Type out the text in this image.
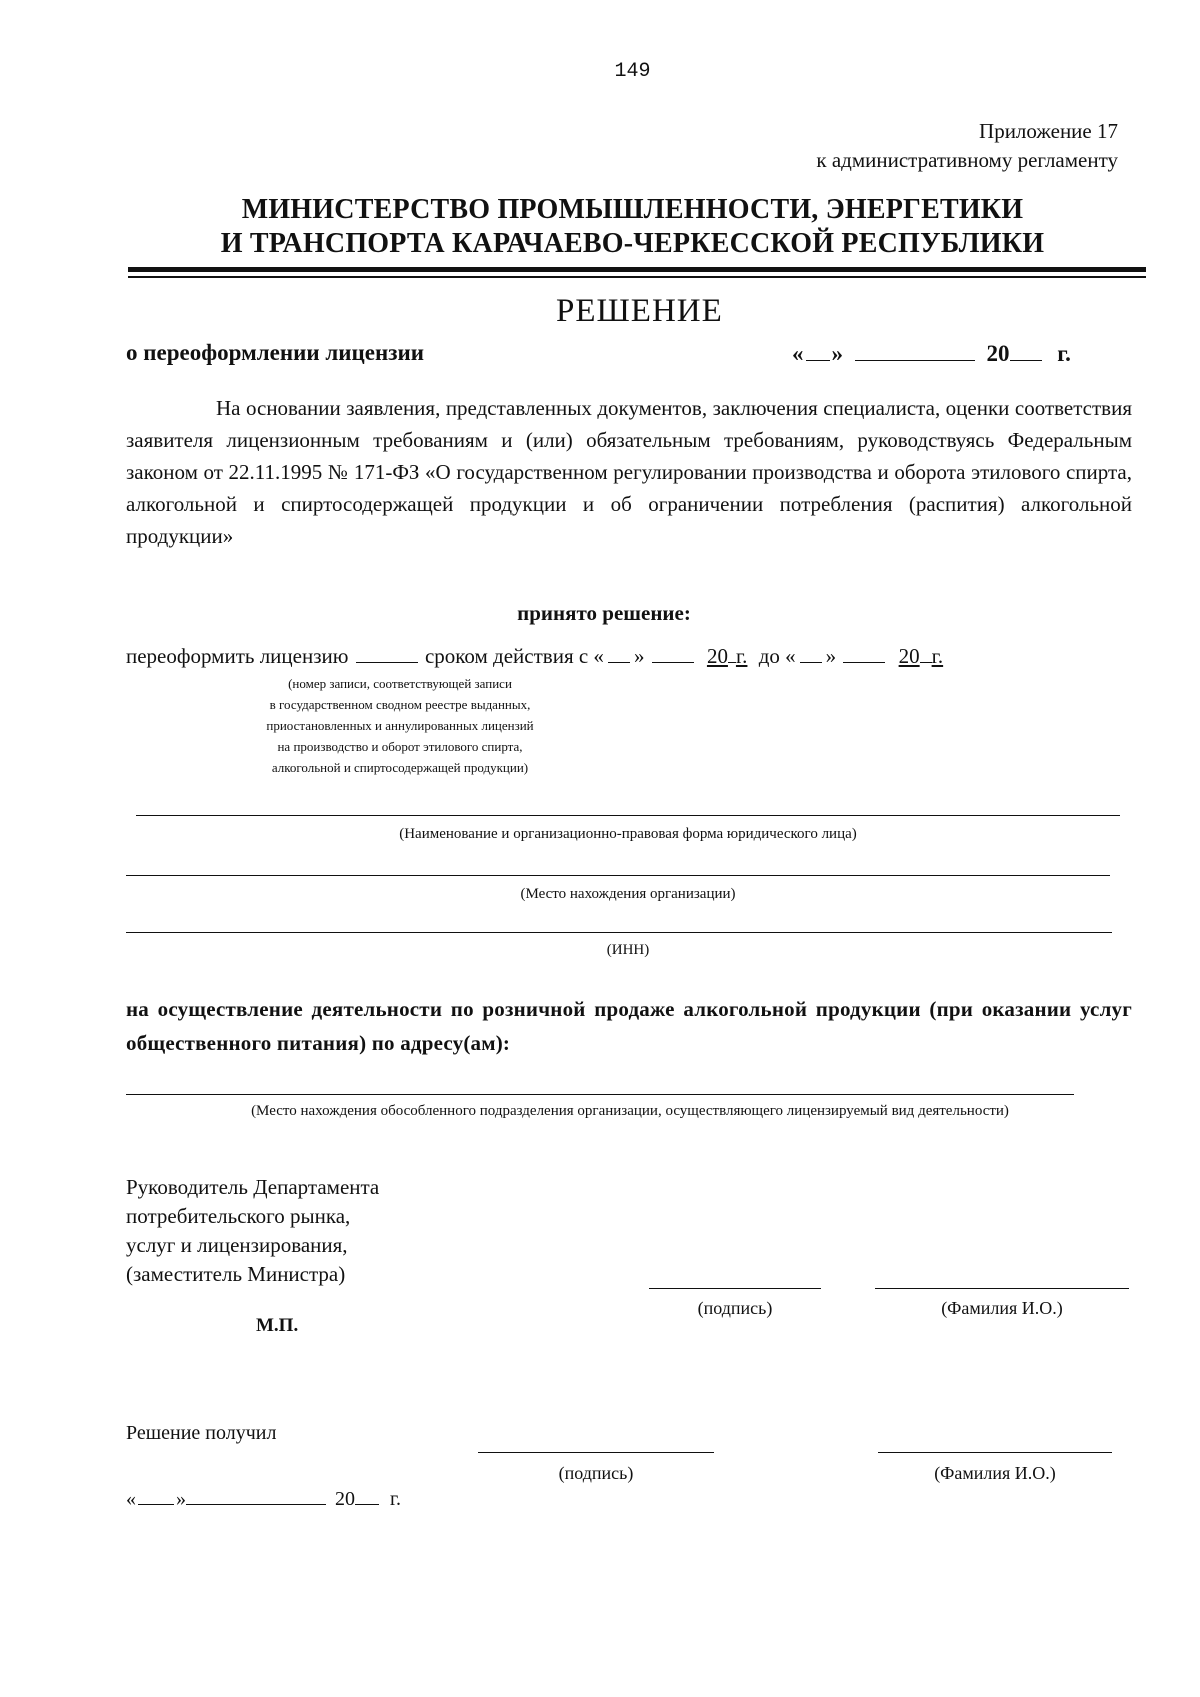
149
Приложение 17
к административному регламенту
МИНИСТЕРСТВО ПРОМЫШЛЕННОСТИ, ЭНЕРГЕТИКИ
И ТРАНСПОРТА КАРАЧАЕВО-ЧЕРКЕССКОЙ РЕСПУБЛИКИ
РЕШЕНИЕ
о переоформлении лицензии	« »	20 г.

На основании заявления, представленных документов, заключения специалиста, оценки соответствия заявителя лицензионным требованиям и (или) обязательным требованиям, руководствуясь Федеральным законом от 22.11.1995 № 171-ФЗ «О государственном регулировании производства и оборота этилового спирта, алкогольной и спиртосодержащей продукции и об ограничении потребления (распития) алкогольной продукции»

принято решение:
переоформить лицензию	сроком действия с « »	20 г. до « »	20 г.
(номер записи, соответствующей записи
в государственном сводном реестре выданных,
приостановленных и аннулированных лицензий
на производство и оборот этилового спирта,
алкогольной и спиртосодержащей продукции)
(Наименование и организационно-правовая форма юридического лица)
(Место нахождения организации)
(ИНН)

на осуществление деятельности по розничной продаже алкогольной продукции (при оказании услуг общественного питания) по адресу(ам):

(Место нахождения обособленного подразделения организации, осуществляющего лицензируемый вид деятельности)
Руководитель Департамента
потребительского рынка,
услуг и лицензирования,
(заместитель Министра)
(подпись)	(Фамилия И.О.)
М.П.
Решение получил
(подпись)	(Фамилия И.О.)
« »	20 г.
